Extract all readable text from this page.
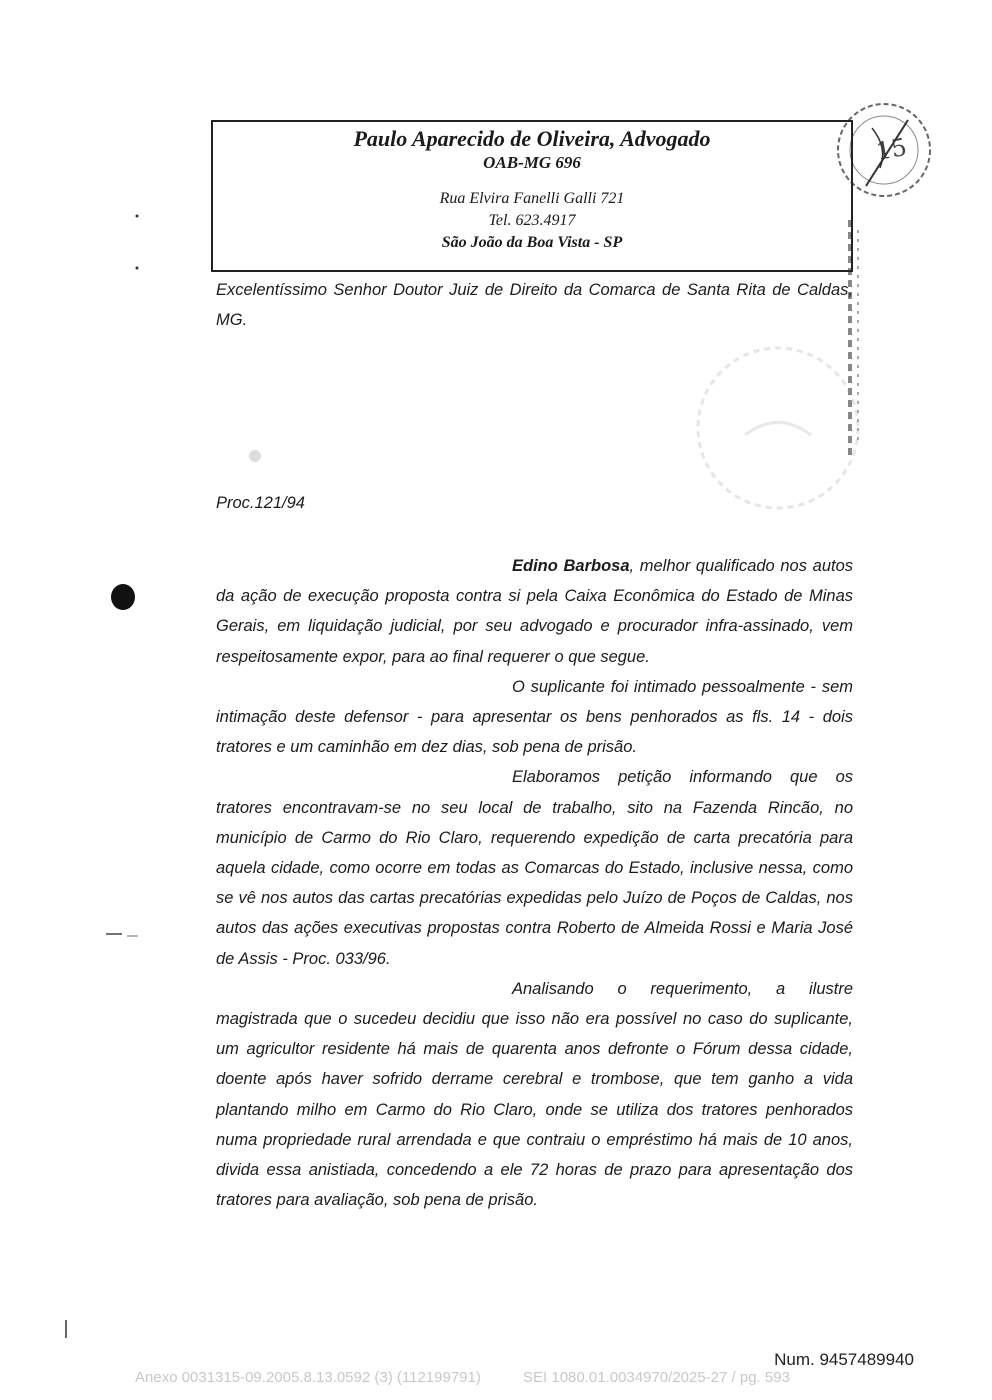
15
Paulo Aparecido de Oliveira, Advogado
OAB-MG 696
Rua Elvira Fanelli Galli 721
Tel. 623.4917
São João da Boa Vista - SP
Excelentíssimo Senhor Doutor Juiz de Direito da Comarca de Santa Rita de Caldas, MG.
Proc.121/94

Edino Barbosa, melhor qualificado nos autos da ação de execução proposta contra si pela Caixa Econômica do Estado de Minas Gerais, em liquidação judicial, por seu advogado e procurador infra-assinado, vem respeitosamente expor, para ao final requerer o que segue.

O suplicante foi intimado pessoalmente - sem intimação deste defensor - para apresentar os bens penhorados as fls. 14 - dois tratores e um caminhão em dez dias, sob pena de prisão.

Elaboramos petição informando que os tratores encontravam-se no seu local de trabalho, sito na Fazenda Rincão, no município de Carmo do Rio Claro, requerendo expedição de carta precatória para aquela cidade, como ocorre em todas as Comarcas do Estado, inclusive nessa, como se vê nos autos das cartas precatórias expedidas pelo Juízo de Poços de Caldas, nos autos das ações executivas propostas contra Roberto de Almeida Rossi e Maria José de Assis - Proc. 033/96.

Analisando o requerimento, a ilustre magistrada que o sucedeu decidiu que isso não era possível no caso do suplicante, um agricultor residente há mais de quarenta anos defronte o Fórum dessa cidade, doente após haver sofrido derrame cerebral e trombose, que tem ganho a vida plantando milho em Carmo do Rio Claro, onde se utiliza dos tratores penhorados numa propriedade rural arrendada e que contraiu o empréstimo há mais de 10 anos, divida essa anistiada, concedendo a ele 72 horas de prazo para apresentação dos tratores para avaliação, sob pena de prisão.

Num. 9457489940
Anexo 0031315-09.2005.8.13.0592 (3) (112199791)	SEI 1080.01.0034970/2025-27 / pg. 593
